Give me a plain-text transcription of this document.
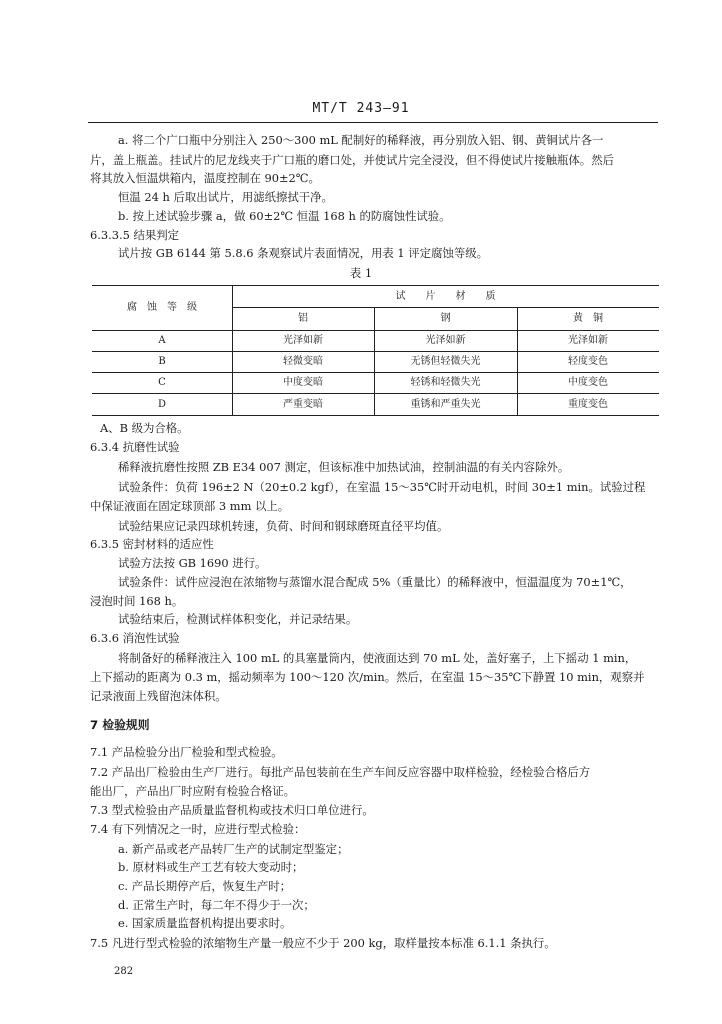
MT/T 243—91
a. 将二个广口瓶中分别注入 250～300 mL 配制好的稀释液，再分别放入铝、钢、黄铜试片各一
片，盖上瓶盖。挂试片的尼龙线夹于广口瓶的磨口处，并使试片完全浸没，但不得使试片接触瓶体。然后
将其放入恒温烘箱内，温度控制在 90±2℃。
恒温 24 h 后取出试片，用滤纸擦拭干净。
b. 按上述试验步骤 a，做 60±2℃ 恒温 168 h 的防腐蚀性试验。
6.3.3.5 结果判定
试片按 GB 6144 第 5.8.6 条观察试片表面情况，用表 1 评定腐蚀等级。
表 1
腐　蚀　等　级
试　　片　　材　　质
铝	钢	黄　铜
A	光泽如新	光泽如新	光泽如新
B	轻微变暗	无锈但轻微失光	轻度变色
C	中度变暗	轻锈和轻微失光	中度变色
D	严重变暗	重锈和严重失光	重度变色
A、B 级为合格。
6.3.4 抗磨性试验
稀释液抗磨性按照 ZB E34 007 测定，但该标准中加热试油，控制油温的有关内容除外。
试验条件：负荷 196±2 N（20±0.2 kgf），在室温 15～35℃时开动电机，时间 30±1 min。试验过程
中保证液面在固定球顶部 3 mm 以上。
试验结果应记录四球机转速，负荷、时间和钢球磨斑直径平均值。
6.3.5 密封材料的适应性
试验方法按 GB 1690 进行。
试验条件：试件应浸泡在浓缩物与蒸馏水混合配成 5%（重量比）的稀释液中，恒温温度为 70±1℃，
浸泡时间 168 h。
试验结束后，检测试样体积变化，并记录结果。
6.3.6 消泡性试验
将制备好的稀释液注入 100 mL 的具塞量筒内，使液面达到 70 mL 处，盖好塞子，上下摇动 1 min，
上下摇动的距离为 0.3 m，摇动频率为 100～120 次/min。然后，在室温 15～35℃下静置 10 min，观察并
记录液面上残留泡沫体积。
7 检验规则
7.1 产品检验分出厂检验和型式检验。
7.2 产品出厂检验由生产厂进行。每批产品包装前在生产车间反应容器中取样检验，经检验合格后方
能出厂，产品出厂时应附有检验合格证。
7.3 型式检验由产品质量监督机构或技术归口单位进行。
7.4 有下列情况之一时，应进行型式检验：
a. 新产品或老产品转厂生产的试制定型鉴定；
b. 原材料或生产工艺有较大变动时；
c. 产品长期停产后，恢复生产时；
d. 正常生产时，每二年不得少于一次；
e. 国家质量监督机构提出要求时。
7.5 凡进行型式检验的浓缩物生产量一般应不少于 200 kg，取样量按本标准 6.1.1 条执行。
282
